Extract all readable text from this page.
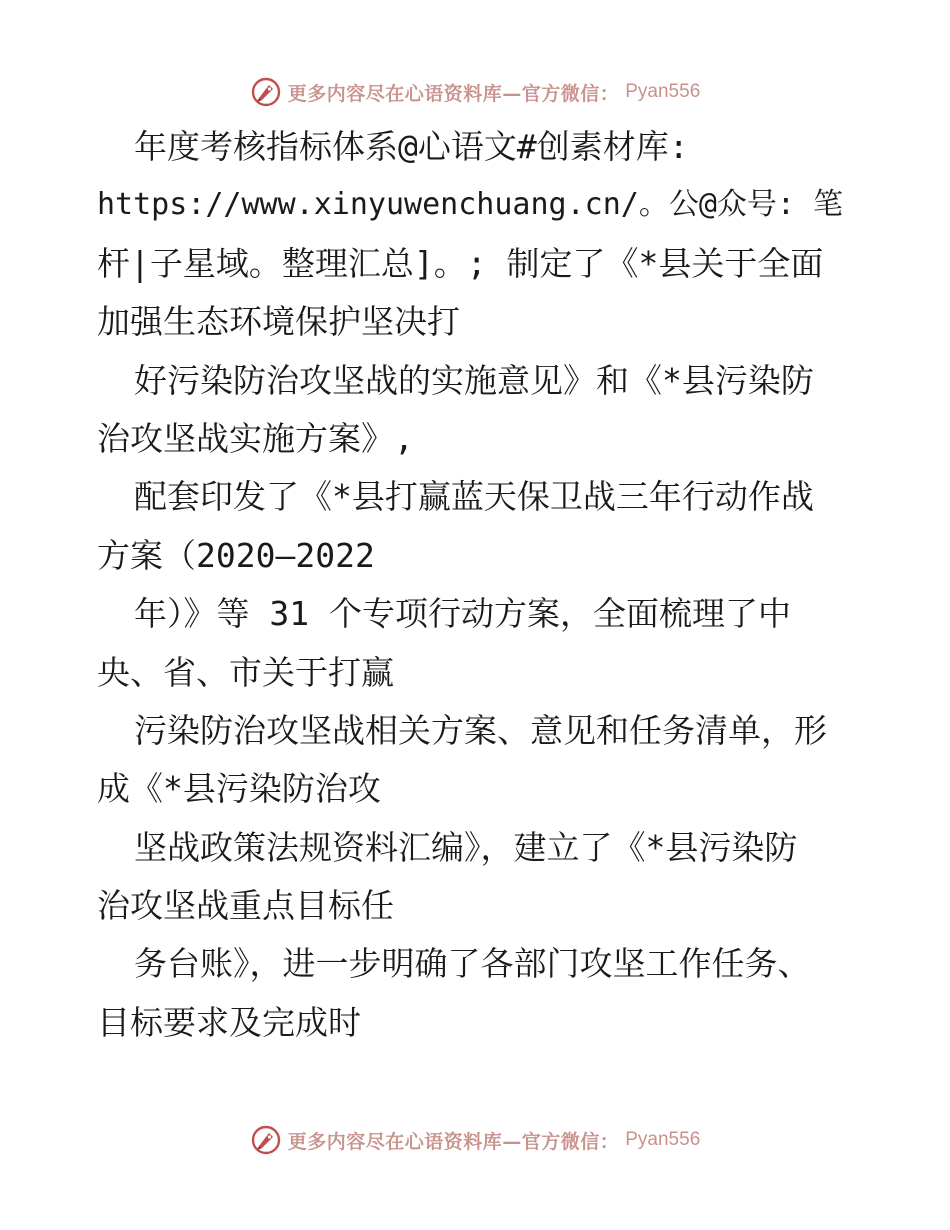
更多内容尽在心语资料库—官方微信： Pyan556
年度考核指标体系@心语文#创素材库:
https://www.xinyuwenchuang.cn/。公@众号: 笔
杆|子星域。整理汇总]。; 制定了《*县关于全面
加强生态环境保护坚决打
好污染防治攻坚战的实施意见》和《*县污染防
治攻坚战实施方案》,
配套印发了《*县打赢蓝天保卫战三年行动作战
方案（2020—2022
年）》等 31 个专项行动方案，全面梳理了中
央、省、市关于打赢
污染防治攻坚战相关方案、意见和任务清单，形
成《*县污染防治攻
坚战政策法规资料汇编》，建立了《*县污染防
治攻坚战重点目标任
务台账》，进一步明确了各部门攻坚工作任务、
目标要求及完成时
更多内容尽在心语资料库—官方微信： Pyan556
